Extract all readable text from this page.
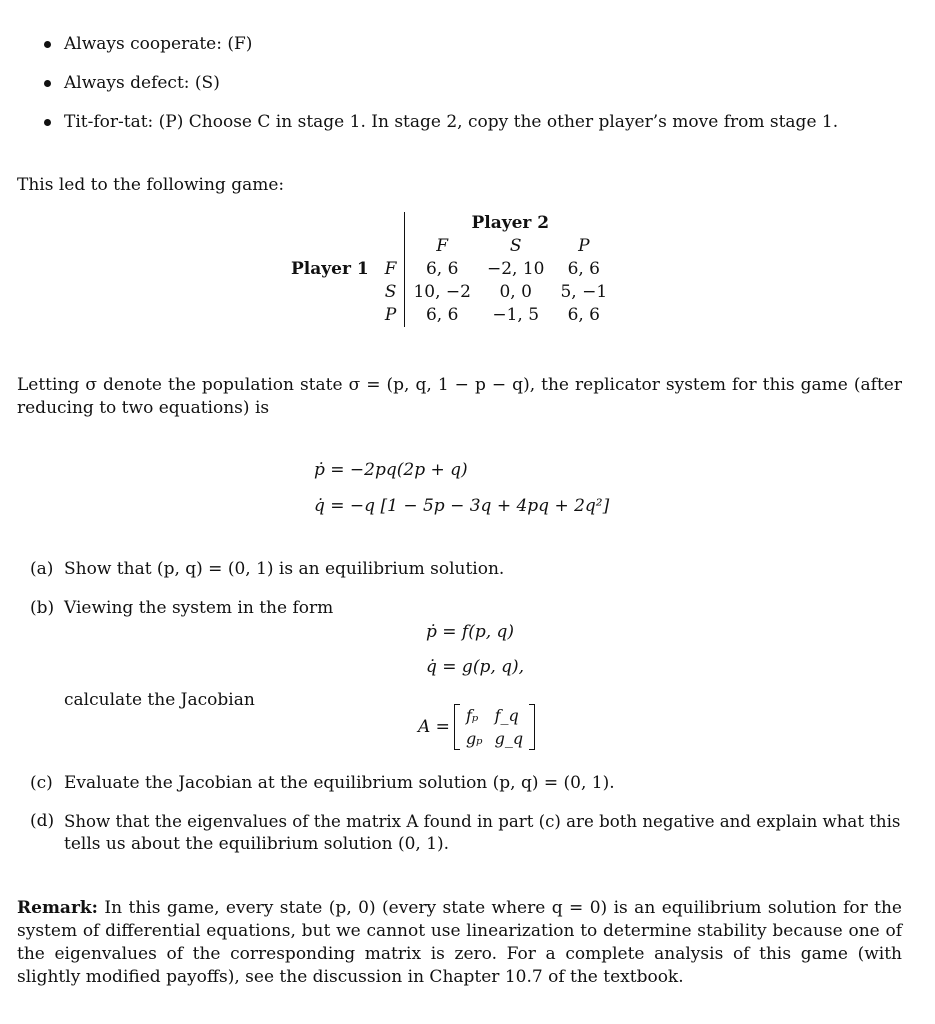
Always cooperate: (F)
Always defect: (S)
Tit-for-tat: (P) Choose C in stage 1. In stage 2, copy the other player’s move from stage 1.
This led to the following game:
		Player 2		
		F	S	P
Player 1	F	6, 6	−2, 10	6, 6
	S	10, −2	0, 0	5, −1
	P	6, 6	−1, 5	6, 6
Letting σ denote the population state σ = (p, q, 1 − p − q), the replicator system for this game (after reducing to two equations) is
ṗ = −2pq(2p + q)
q̇ = −q [1 − 5p − 3q + 4pq + 2q²]
(a) Show that (p, q) = (0, 1) is an equilibrium solution.
(b) Viewing the system in the form
ṗ = f(p, q)
q̇ = g(p, q),
calculate the Jacobian
A =
fₚ	f_q
gₚ	g_q
(c) Evaluate the Jacobian at the equilibrium solution (p, q) = (0, 1).
(d) Show that the eigenvalues of the matrix A found in part (c) are both negative and explain what this
tells us about the equilibrium solution (0, 1).
Remark: In this game, every state (p, 0) (every state where q = 0) is an equilibrium solution for the system of differential equations, but we cannot use linearization to determine stability because one of the eigenvalues of the corresponding matrix is zero. For a complete analysis of this game (with slightly modified payoffs), see the discussion in Chapter 10.7 of the textbook.
